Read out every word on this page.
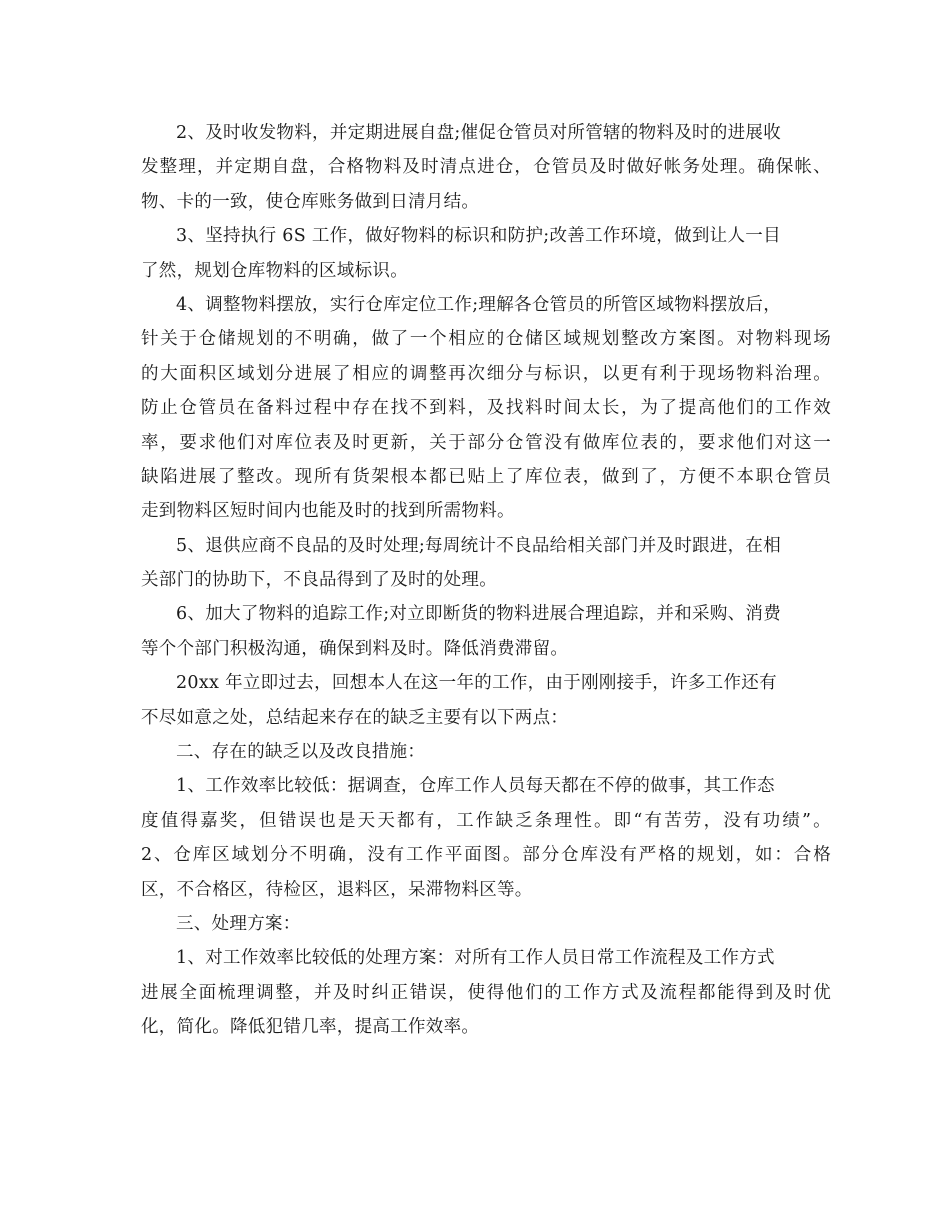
2、及时收发物料，并定期进展自盘;催促仓管员对所管辖的物料及时的进展收
发整理，并定期自盘，合格物料及时清点进仓，仓管员及时做好帐务处理。确保帐、
物、卡的一致，使仓库账务做到日清月结。
3、坚持执行 6S 工作，做好物料的标识和防护;改善工作环境，做到让人一目
了然，规划仓库物料的区域标识。
4、调整物料摆放，实行仓库定位工作;理解各仓管员的所管区域物料摆放后，
针关于仓储规划的不明确，做了一个相应的仓储区域规划整改方案图。对物料现场
的大面积区域划分进展了相应的调整再次细分与标识，以更有利于现场物料治理。
防止仓管员在备料过程中存在找不到料，及找料时间太长，为了提高他们的工作效
率，要求他们对库位表及时更新，关于部分仓管没有做库位表的，要求他们对这一
缺陷进展了整改。现所有货架根本都已贴上了库位表，做到了，方便不本职仓管员
走到物料区短时间内也能及时的找到所需物料。
5、退供应商不良品的及时处理;每周统计不良品给相关部门并及时跟进，在相
关部门的协助下，不良品得到了及时的处理。
6、加大了物料的追踪工作;对立即断货的物料进展合理追踪，并和采购、消费
等个个部门积极沟通，确保到料及时。降低消费滞留。
20xx 年立即过去，回想本人在这一年的工作，由于刚刚接手，许多工作还有
不尽如意之处，总结起来存在的缺乏主要有以下两点：
二、存在的缺乏以及改良措施：
1、工作效率比较低：据调查，仓库工作人员每天都在不停的做事，其工作态
度值得嘉奖，但错误也是天天都有，工作缺乏条理性。即“有苦劳，没有功绩”。
2、仓库区域划分不明确，没有工作平面图。部分仓库没有严格的规划，如：合格
区，不合格区，待检区，退料区，呆滞物料区等。
三、处理方案：
1、对工作效率比较低的处理方案：对所有工作人员日常工作流程及工作方式
进展全面梳理调整，并及时纠正错误，使得他们的工作方式及流程都能得到及时优
化，简化。降低犯错几率，提高工作效率。
